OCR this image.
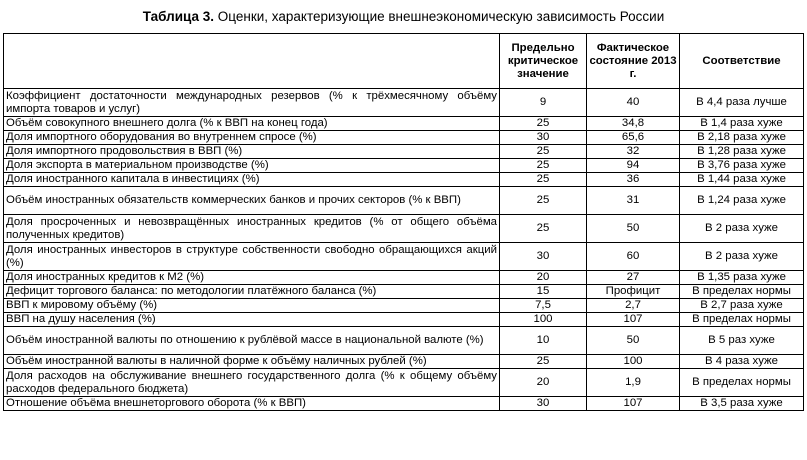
Таблица 3. Оценки, характеризующие внешнеэкономическую зависимость России
	Предельно критическое значение	Фактическое состояние 2013 г.	Соответствие
Коэффициент достаточности международных резервов (% к трёхмесячному объёму импорта товаров и услуг)	9	40	В 4,4 раза лучше
Объём совокупного внешнего долга (% к ВВП на конец года)	25	34,8	В 1,4 раза хуже
Доля импортного оборудования во внутреннем спросе (%)	30	65,6	В 2,18 раза хуже
Доля импортного продовольствия в ВВП (%)	25	32	В 1,28 раза хуже
Доля экспорта в материальном производстве (%)	25	94	В 3,76 раза хуже
Доля иностранного капитала в инвестициях (%)	25	36	В 1,44 раза хуже
Объём иностранных обязательств коммерческих банков и прочих секторов (% к ВВП)	25	31	В 1,24 раза хуже
Доля просроченных и невозвращённых иностранных кредитов (% от общего объёма полученных кредитов)	25	50	В 2 раза хуже
Доля иностранных инвесторов в структуре собственности свободно обращающихся акций (%)	30	60	В 2 раза хуже
Доля иностранных кредитов к М2 (%)	20	27	В 1,35 раза хуже
Дефицит торгового баланса: по методологии платёжного баланса (%)	15	Профицит	В пределах нормы
ВВП к мировому объёму (%)	7,5	2,7	В 2,7 раза хуже
ВВП на душу населения (%)	100	107	В пределах нормы
Объём иностранной валюты по отношению к рублёвой массе в национальной валюте (%)	10	50	В 5 раз хуже
Объём иностранной валюты в наличной форме к объёму наличных рублей (%)	25	100	В 4 раза хуже
Доля расходов на обслуживание внешнего государственного долга (% к общему объёму расходов федерального бюджета)	20	1,9	В пределах нормы
Отношение объёма внешнеторгового оборота (% к ВВП)	30	107	В 3,5 раза хуже
